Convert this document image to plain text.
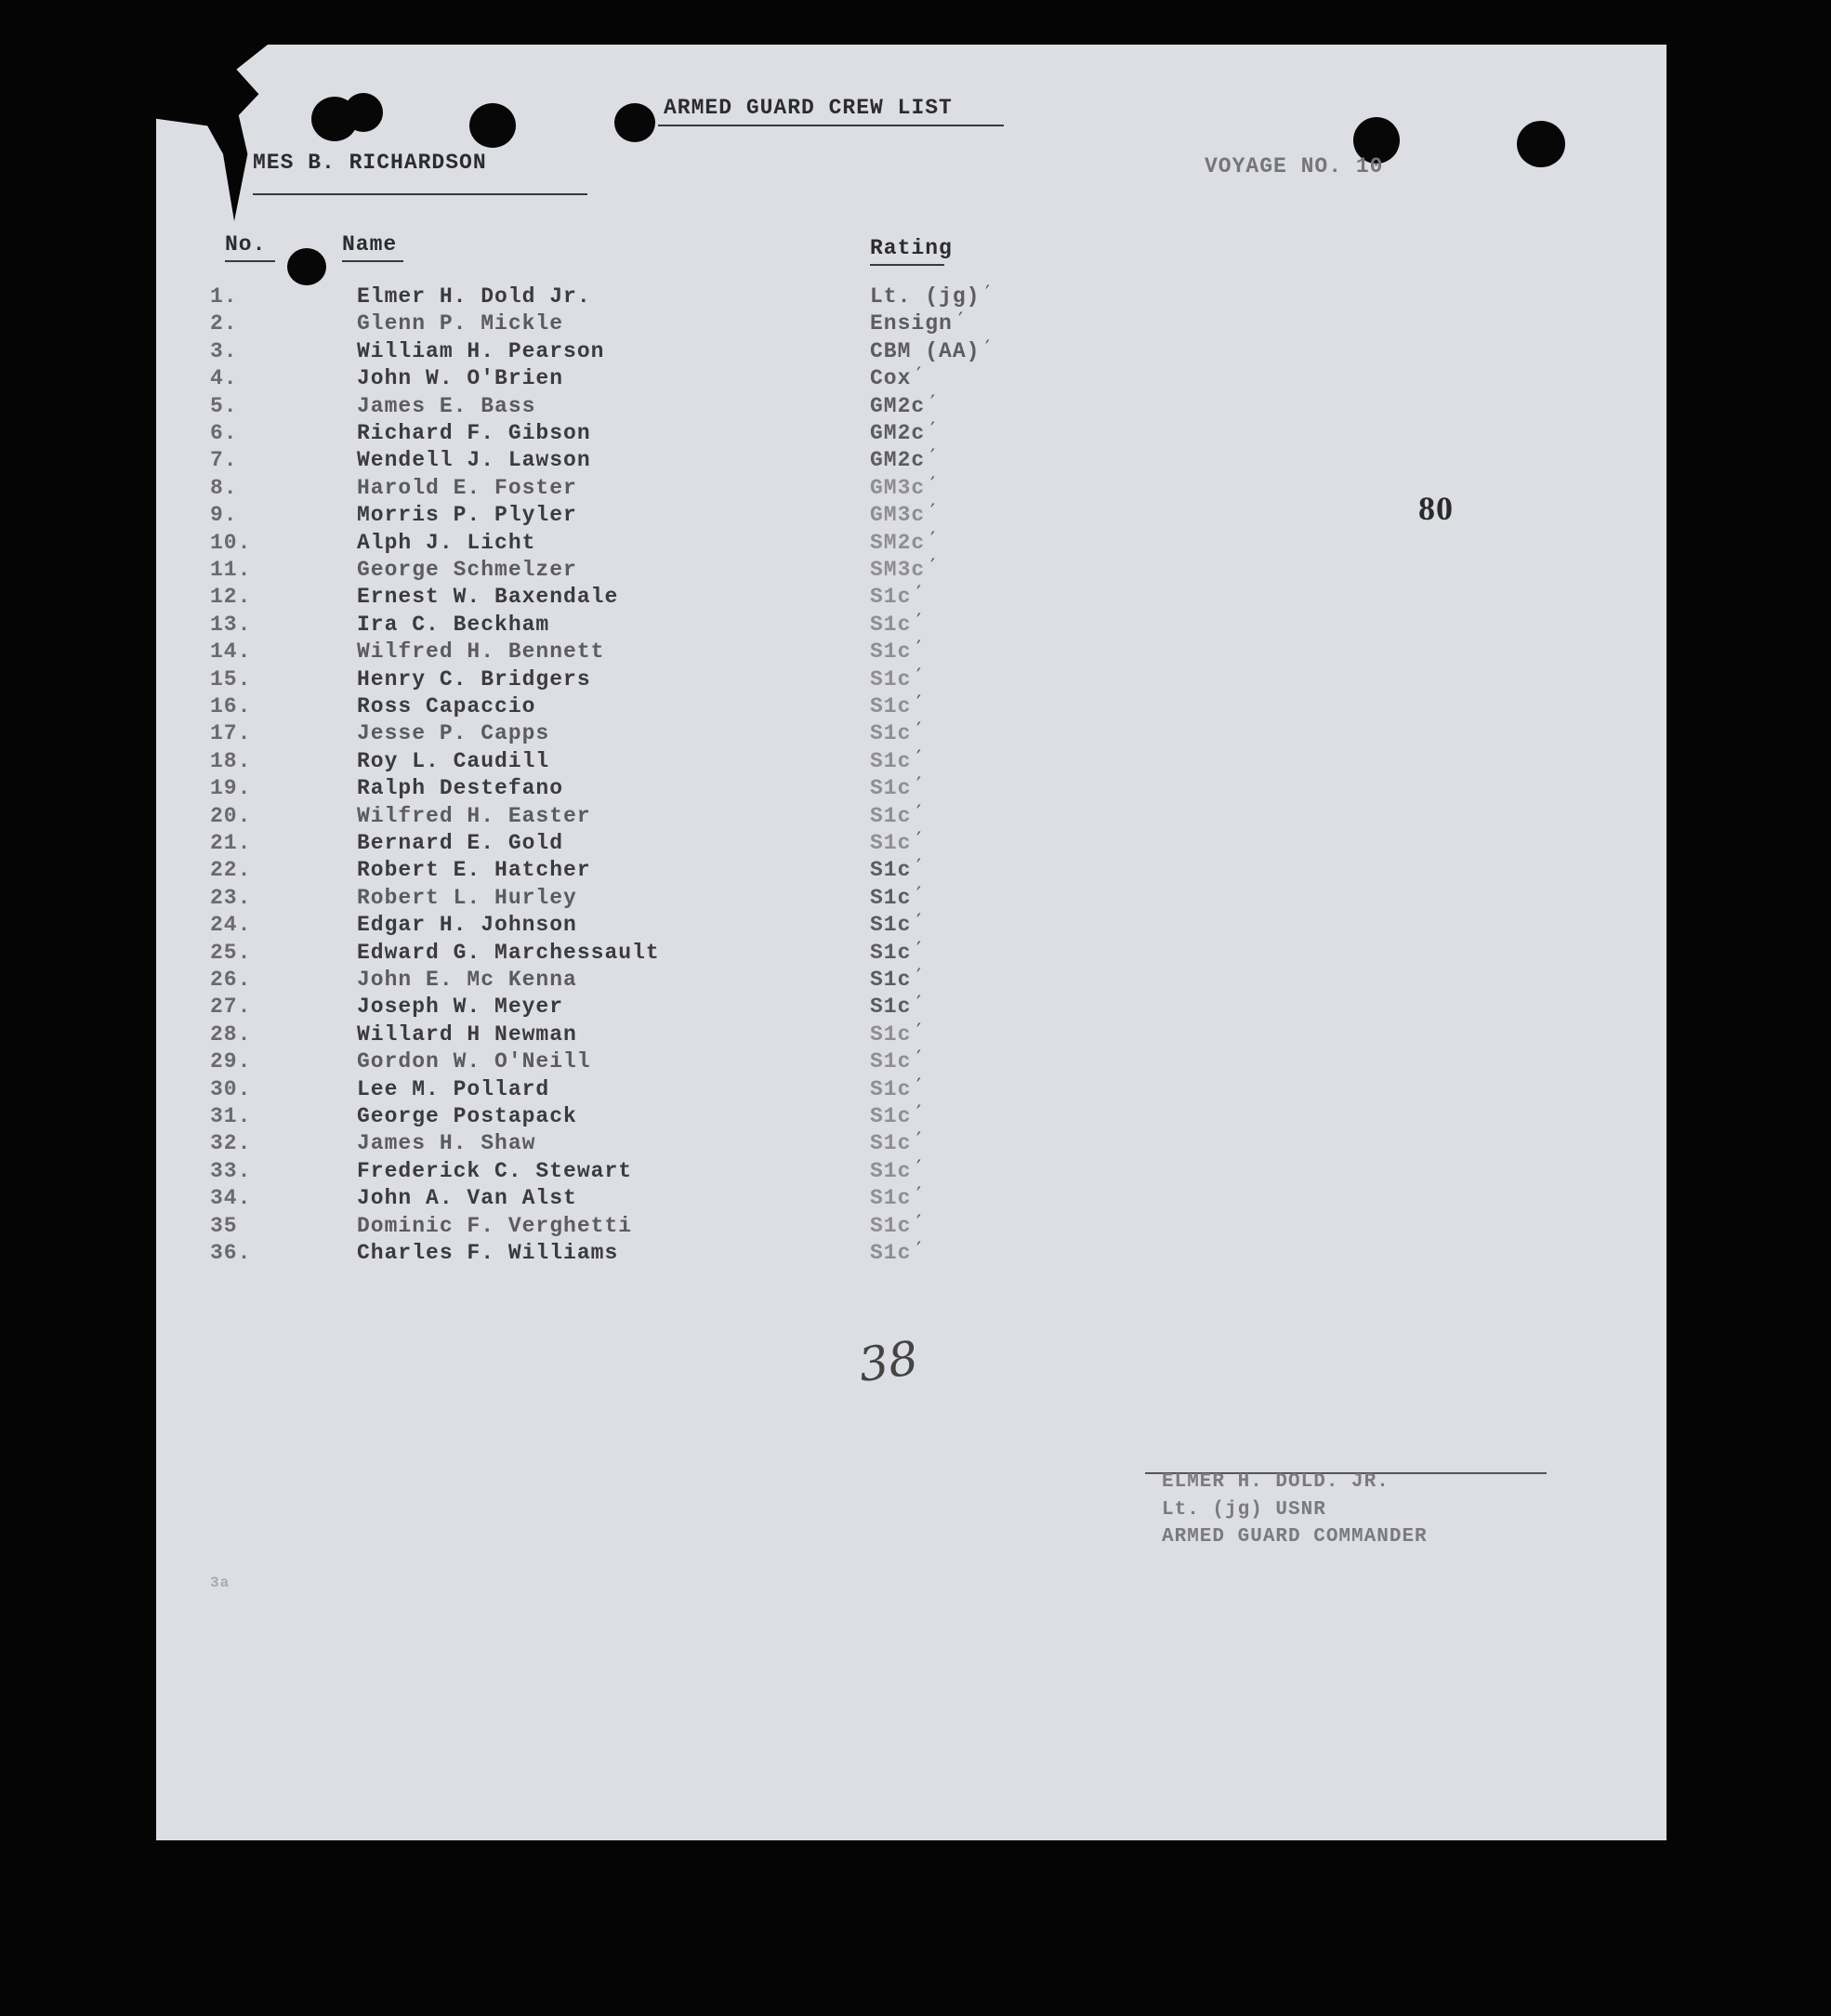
ARMED GUARD CREW LIST
MES B. RICHARDSON	VOYAGE NO. 10
No.	Name	Rating
80
1.	Elmer H. Dold Jr.	Lt. (jg) ′
2.	Glenn P. Mickle	Ensign ′
3.	William H. Pearson	CBM (AA) ′
4.	John W. O'Brien	Cox ′
5.	James E. Bass	GM2c ′
6.	Richard F. Gibson	GM2c ′
7.	Wendell J. Lawson	GM2c ′
8.	Harold E. Foster	GM3c ′
9.	Morris P. Plyler	GM3c ′
10.	Alph J. Licht	SM2c ′
11.	George Schmelzer	SM3c ′
12.	Ernest W. Baxendale	S1c ′
13.	Ira C. Beckham	S1c ′
14.	Wilfred H. Bennett	S1c ′
15.	Henry C. Bridgers	S1c ′
16.	Ross Capaccio	S1c ′
17.	Jesse P. Capps	S1c ′
18.	Roy L. Caudill	S1c ′
19.	Ralph Destefano	S1c ′
20.	Wilfred H. Easter	S1c ′
21.	Bernard E. Gold	S1c ′
22.	Robert E. Hatcher	S1c ′
23.	Robert L. Hurley	S1c ′
24.	Edgar H. Johnson	S1c ′
25.	Edward G. Marchessault	S1c ′
26.	John E. Mc Kenna	S1c ′
27.	Joseph W. Meyer	S1c ′
28.	Willard H Newman	S1c ′
29.	Gordon W. O'Neill	S1c ′
30.	Lee M. Pollard	S1c ′
31.	George Postapack	S1c ′
32.	James H. Shaw	S1c ′
33.	Frederick C. Stewart	S1c ′
34.	John A. Van Alst	S1c ′
35	Dominic F. Verghetti	S1c ′
36.	Charles F. Williams	S1c ′
38
ELMER H. DOLD. JR.
Lt. (jg) USNR
ARMED GUARD COMMANDER
3a
